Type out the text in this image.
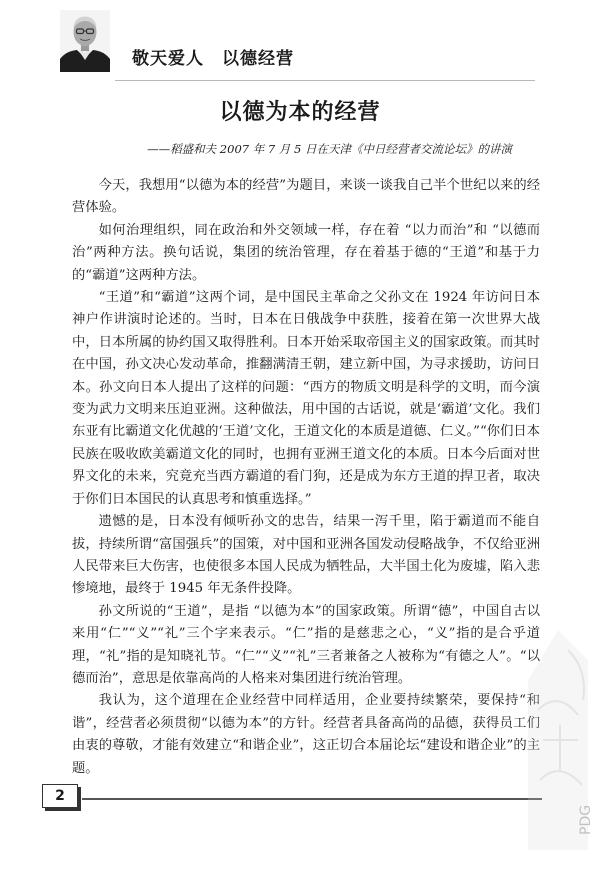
敬天爱人　以德经营
以德为本的经营
——稻盛和夫 2007 年 7 月 5 日在天津《中日经营者交流论坛》的讲演

今天，我想用“以德为本的经营”为题目，来谈一谈我自己半个世纪以来的经营体验。

如何治理组织，同在政治和外交领域一样，存在着 “以力而治”和 “以德而治”两种方法。换句话说，集团的统治管理，存在着基于德的“王道”和基于力的“霸道”这两种方法。

“王道”和“霸道”这两个词，是中国民主革命之父孙文在 1924 年访问日本神户作讲演时论述的。当时，日本在日俄战争中获胜，接着在第一次世界大战中，日本所属的协约国又取得胜利。日本开始采取帝国主义的国家政策。而其时在中国，孙文决心发动革命，推翻满清王朝，建立新中国，为寻求援助，访问日本。孙文向日本人提出了这样的问题：“西方的物质文明是科学的文明，而今演变为武力文明来压迫亚洲。这种做法，用中国的古话说，就是‘霸道’文化。我们东亚有比霸道文化优越的‘王道’文化，王道文化的本质是道德、仁义。”“你们日本民族在吸收欧美霸道文化的同时，也拥有亚洲王道文化的本质。日本今后面对世界文化的未来，究竟充当西方霸道的看门狗，还是成为东方王道的捍卫者，取决于你们日本国民的认真思考和慎重选择。”

遗憾的是，日本没有倾听孙文的忠告，结果一泻千里，陷于霸道而不能自拔，持续所谓“富国强兵”的国策，对中国和亚洲各国发动侵略战争，不仅给亚洲人民带来巨大伤害，也使很多本国人民成为牺牲品，大半国土化为废墟，陷入悲惨境地，最终于 1945 年无条件投降。

孙文所说的“王道”，是指 “以德为本”的国家政策。所谓“德”，中国自古以来用“仁”“义”“礼”三个字来表示。“仁”指的是慈悲之心，“义”指的是合乎道理，“礼”指的是知晓礼节。“仁”“义”“礼”三者兼备之人被称为“有德之人”。“以德而治”，意思是依靠高尚的人格来对集团进行统治管理。

我认为，这个道理在企业经营中同样适用，企业要持续繁荣，要保持“和谐”，经营者必须贯彻“以德为本”的方针。经营者具备高尚的品德，获得员工们由衷的尊敬，才能有效建立“和谐企业”，这正切合本届论坛“建设和谐企业”的主题。

2
PDG
